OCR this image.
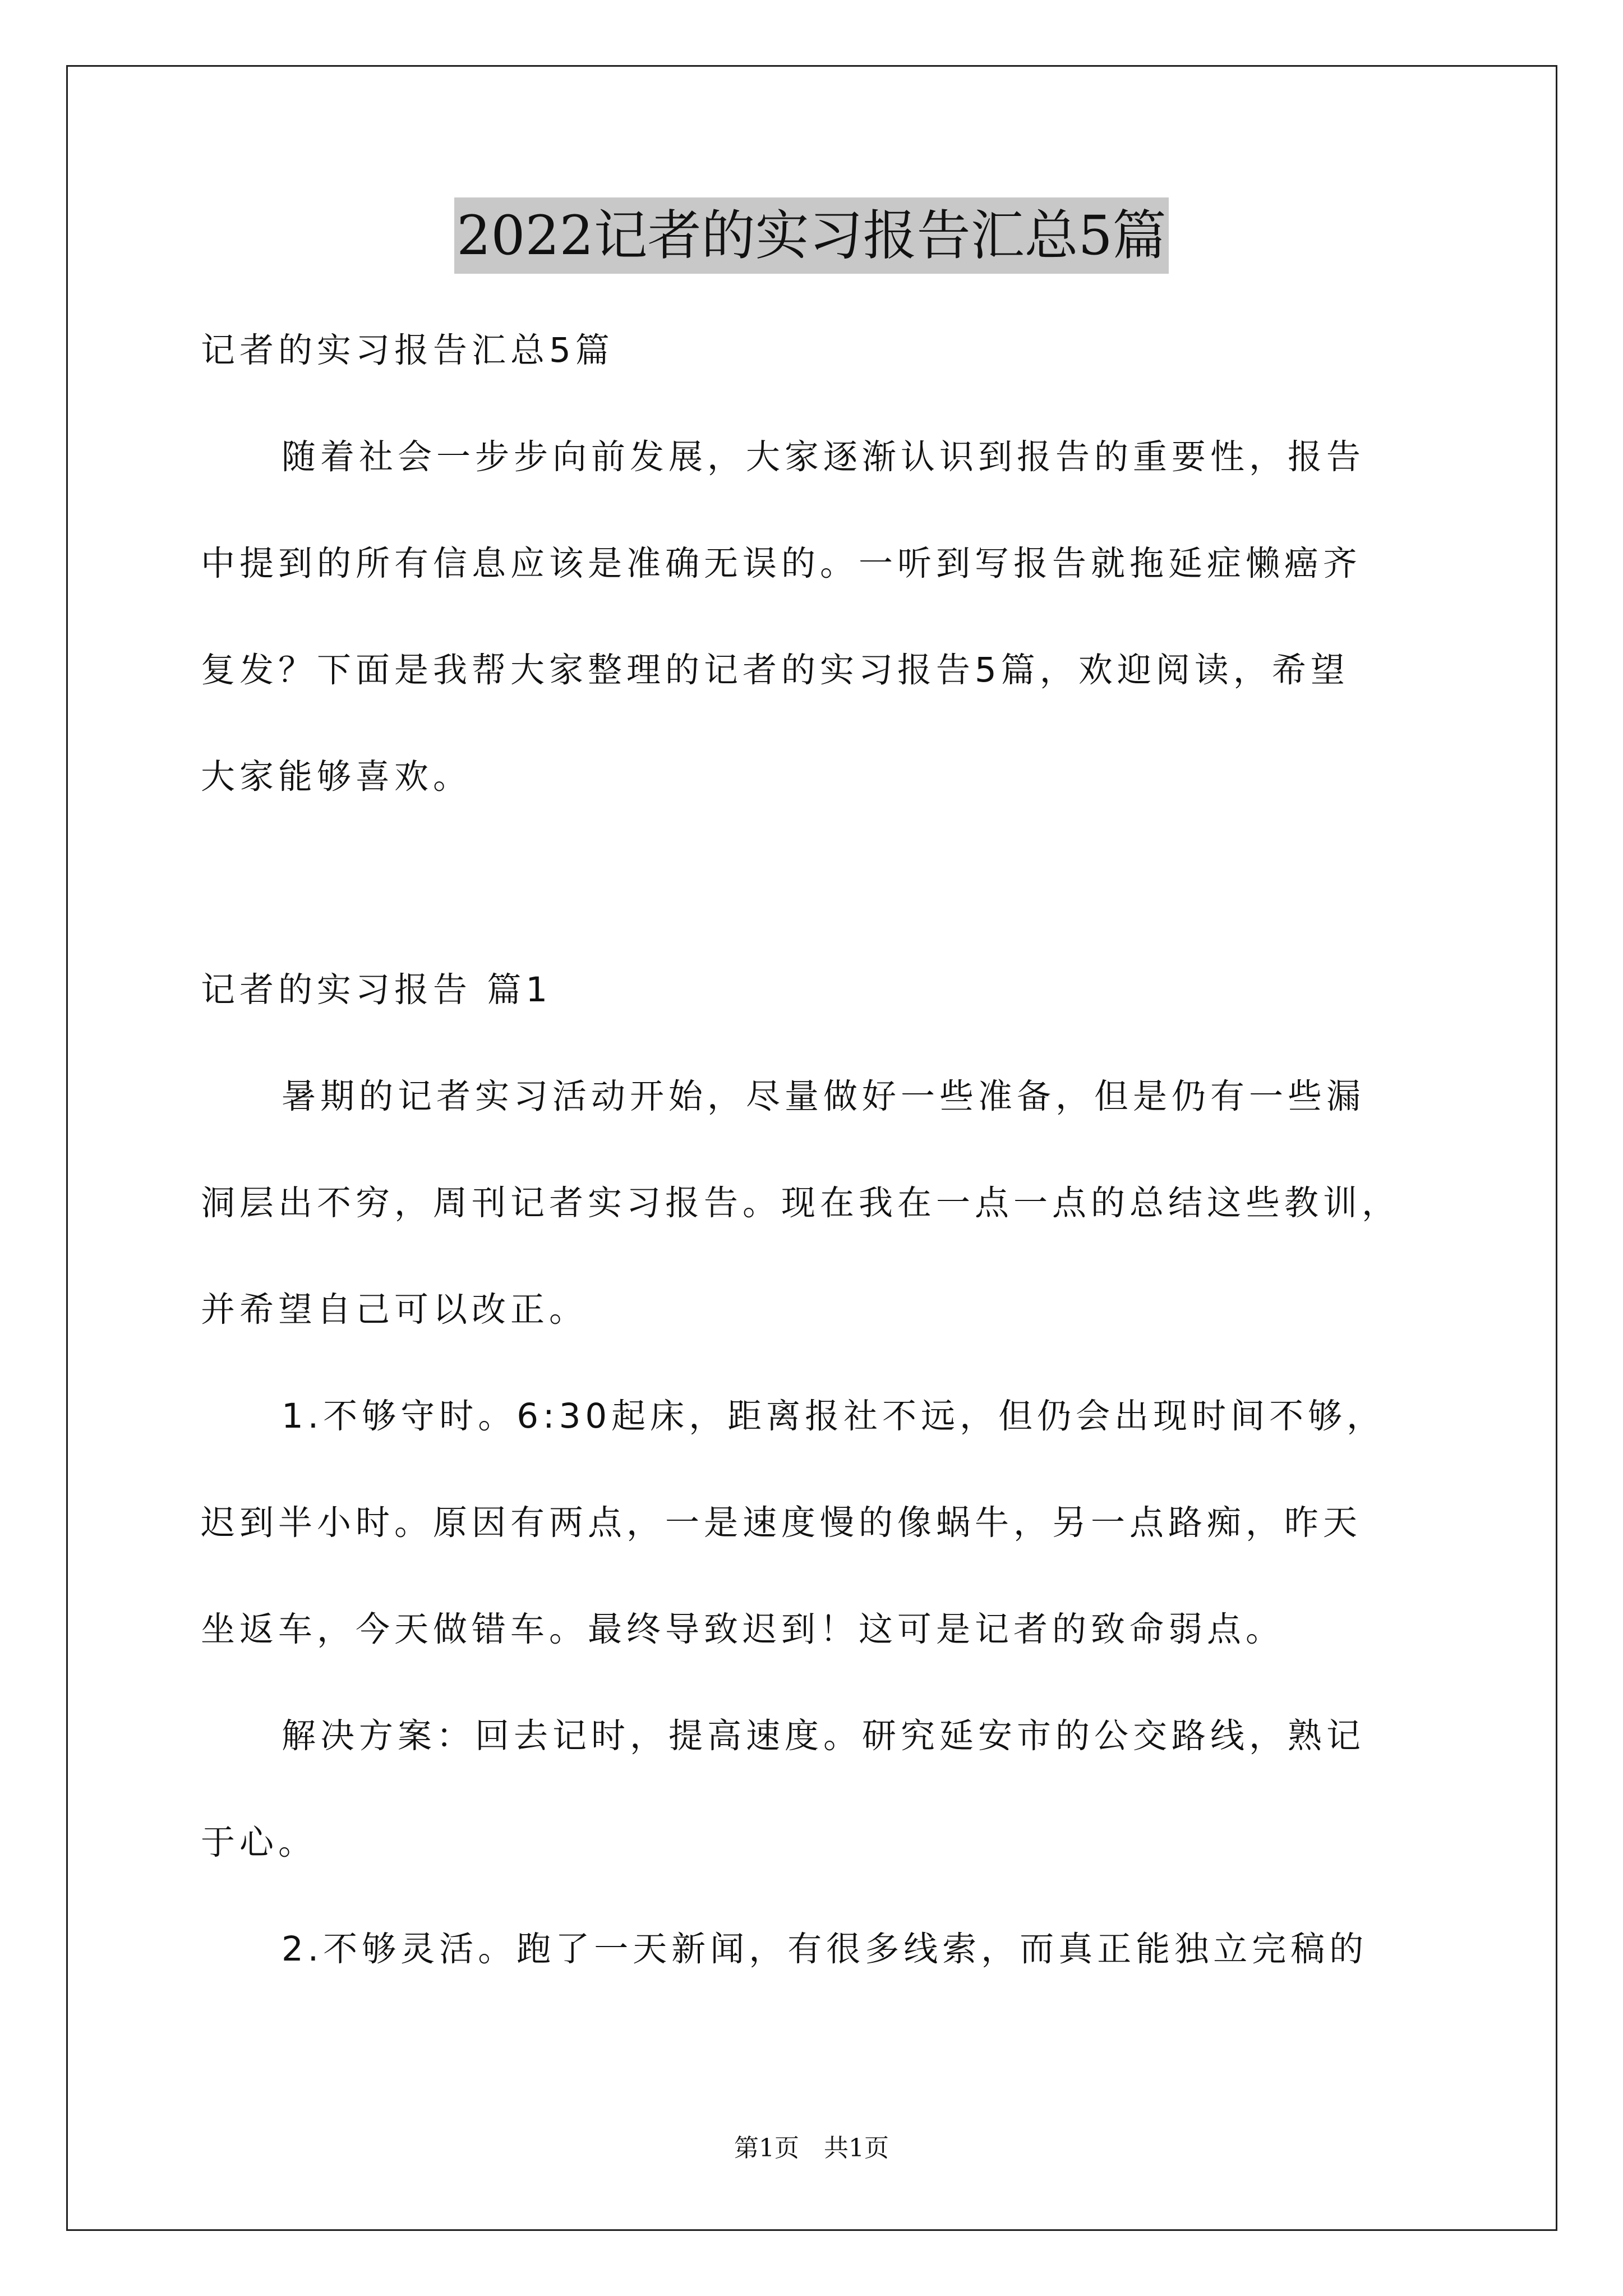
2022记者的实习报告汇总5篇
记者的实习报告汇总5篇
随着社会一步步向前发展，大家逐渐认识到报告的重要性，报告
中提到的所有信息应该是准确无误的。一听到写报告就拖延症懒癌齐
复发？下面是我帮大家整理的记者的实习报告5篇，欢迎阅读，希望
大家能够喜欢。
记者的实习报告 篇1
暑期的记者实习活动开始，尽量做好一些准备，但是仍有一些漏
洞层出不穷，周刊记者实习报告。现在我在一点一点的总结这些教训，
并希望自己可以改正。
1.不够守时。6:30起床，距离报社不远，但仍会出现时间不够，
迟到半小时。原因有两点，一是速度慢的像蜗牛，另一点路痴，昨天
坐返车，今天做错车。最终导致迟到！这可是记者的致命弱点。
解决方案：回去记时，提高速度。研究延安市的公交路线，熟记
于心。
2.不够灵活。跑了一天新闻，有很多线索，而真正能独立完稿的
第1页　共1页
